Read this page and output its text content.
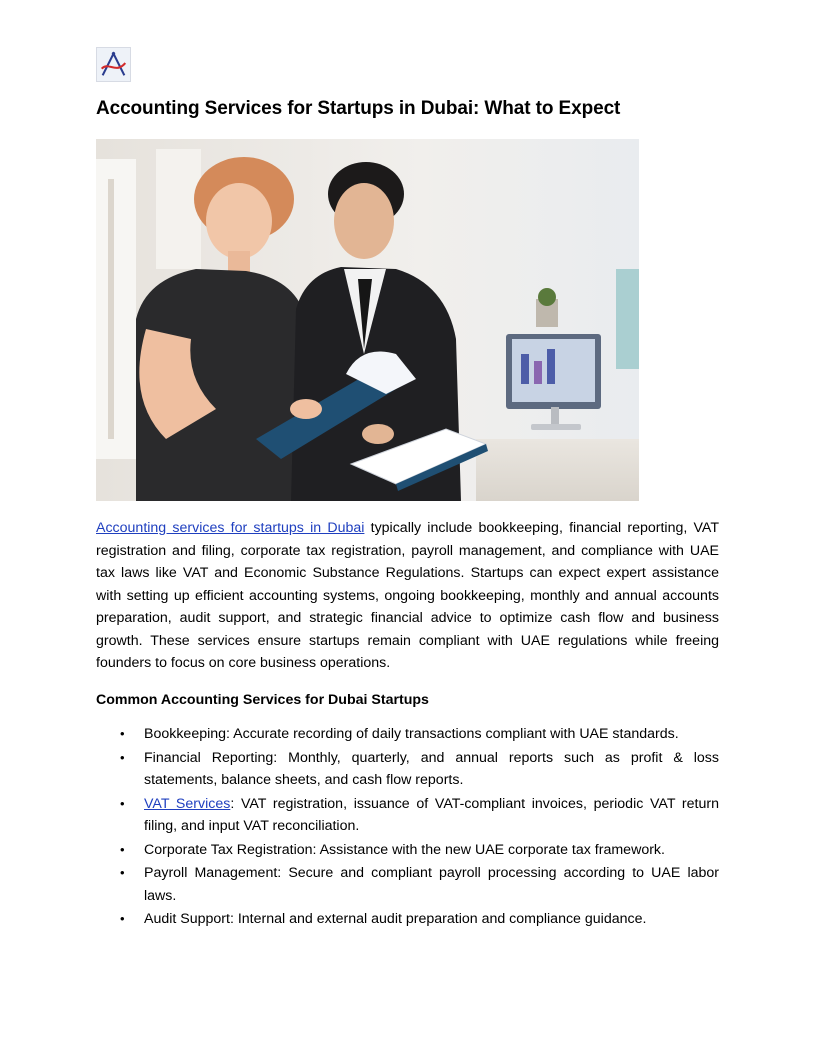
Accounting Services for Startups in Dubai: What to Expect

Accounting services for startups in Dubai typically include bookkeeping, financial reporting, VAT registration and filing, corporate tax registration, payroll management, and compliance with UAE tax laws like VAT and Economic Substance Regulations. Startups can expect expert assistance with setting up efficient accounting systems, ongoing bookkeeping, monthly and annual accounts preparation, audit support, and strategic financial advice to optimize cash flow and business growth. These services ensure startups remain compliant with UAE regulations while freeing founders to focus on core business operations.

Common Accounting Services for Dubai Startups
• Bookkeeping: Accurate recording of daily transactions compliant with UAE standards.
• Financial Reporting: Monthly, quarterly, and annual reports such as profit & loss statements, balance sheets, and cash flow reports.
• VAT Services: VAT registration, issuance of VAT-compliant invoices, periodic VAT return filing, and input VAT reconciliation.
• Corporate Tax Registration: Assistance with the new UAE corporate tax framework.
• Payroll Management: Secure and compliant payroll processing according to UAE labor laws.
• Audit Support: Internal and external audit preparation and compliance guidance.
